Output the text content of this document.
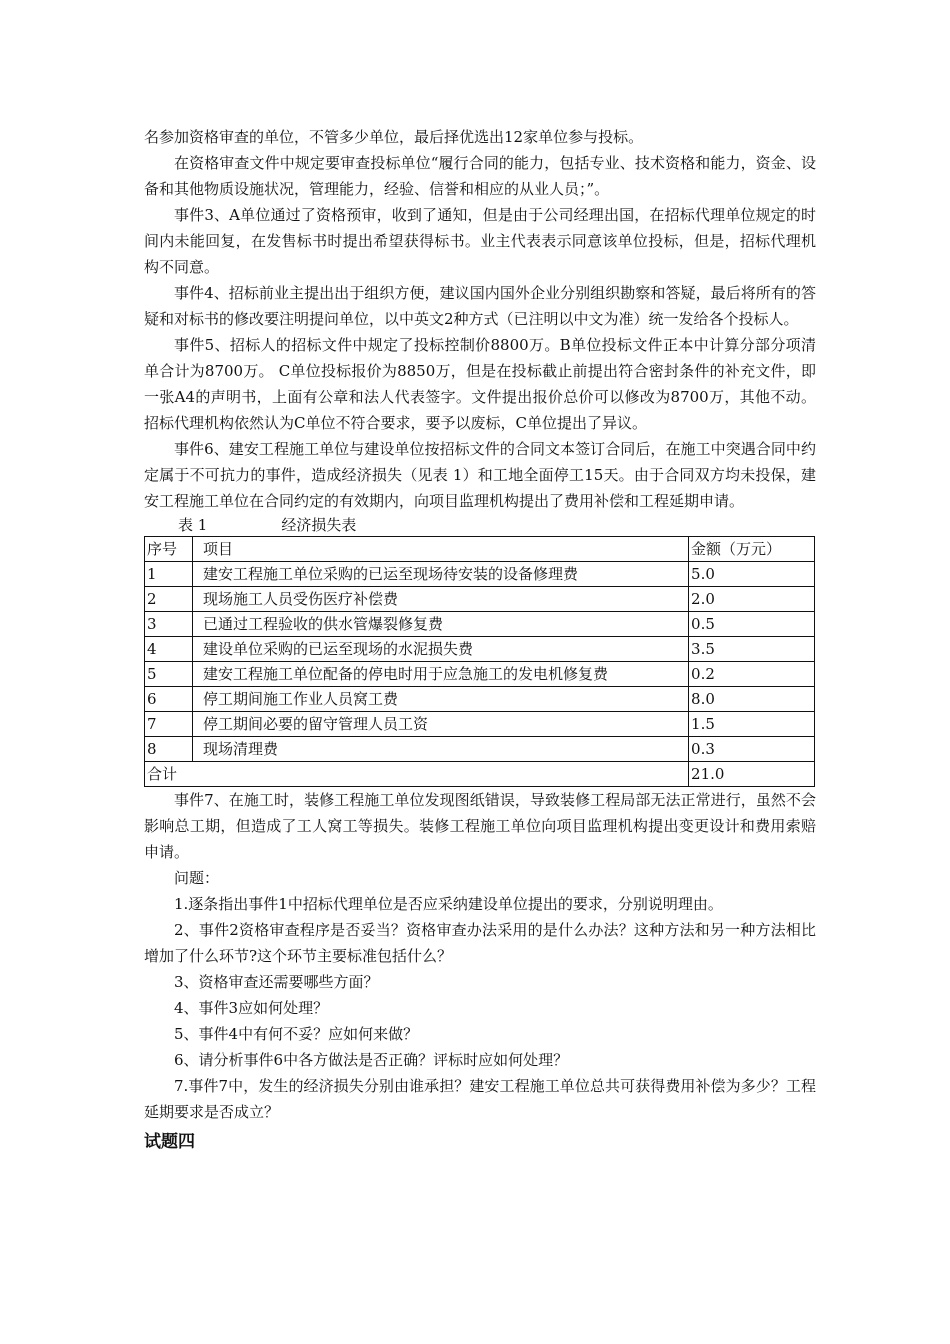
名参加资格审查的单位，不管多少单位，最后择优选出12家单位参与投标。

在资格审查文件中规定要审查投标单位“履行合同的能力，包括专业、技术资格和能力，资金、设备和其他物质设施状况，管理能力，经验、信誉和相应的从业人员；”。

事件3、A单位通过了资格预审，收到了通知，但是由于公司经理出国，在招标代理单位规定的时间内未能回复，在发售标书时提出希望获得标书。业主代表表示同意该单位投标，但是，招标代理机构不同意。

事件4、招标前业主提出出于组织方便，建议国内国外企业分别组织勘察和答疑，最后将所有的答疑和对标书的修改要注明提问单位，以中英文2种方式（已注明以中文为准）统一发给各个投标人。

事件5、招标人的招标文件中规定了投标控制价8800万。B单位投标文件正本中计算分部分项清单合计为8700万。 C单位投标报价为8850万，但是在投标截止前提出符合密封条件的补充文件，即一张A4的声明书，上面有公章和法人代表签字。文件提出报价总价可以修改为8700万，其他不动。招标代理机构依然认为C单位不符合要求，要予以废标，C单位提出了异议。

事件6、建安工程施工单位与建设单位按招标文件的合同文本签订合同后，在施工中突遇合同中约定属于不可抗力的事件，造成经济损失（见表 1）和工地全面停工15天。由于合同双方均未投保，建安工程施工单位在合同约定的有效期内，向项目监理机构提出了费用补偿和工程延期申请。

表 1	经济损失表
序号	项目	金额（万元）
1	建安工程施工单位采购的已运至现场待安装的设备修理费	5.0
2	现场施工人员受伤医疗补偿费	2.0
3	已通过工程验收的供水管爆裂修复费	0.5
4	建设单位采购的已运至现场的水泥损失费	3.5
5	建安工程施工单位配备的停电时用于应急施工的发电机修复费	0.2
6	停工期间施工作业人员窝工费	8.0
7	停工期间必要的留守管理人员工资	1.5
8	现场清理费	0.3
合计		21.0

事件7、在施工时，装修工程施工单位发现图纸错误，导致装修工程局部无法正常进行，虽然不会影响总工期，但造成了工人窝工等损失。装修工程施工单位向项目监理机构提出变更设计和费用索赔申请。

问题：

1.逐条指出事件1中招标代理单位是否应采纳建设单位提出的要求，分别说明理由。

2、事件2资格审查程序是否妥当？资格审查办法采用的是什么办法？这种方法和另一种方法相比增加了什么环节?这个环节主要标准包括什么？

3、资格审查还需要哪些方面？

4、事件3应如何处理？

5、事件4中有何不妥？应如何来做？

6、请分析事件6中各方做法是否正确？评标时应如何处理？

7.事件7中，发生的经济损失分别由谁承担？建安工程施工单位总共可获得费用补偿为多少？工程延期要求是否成立？

试题四
